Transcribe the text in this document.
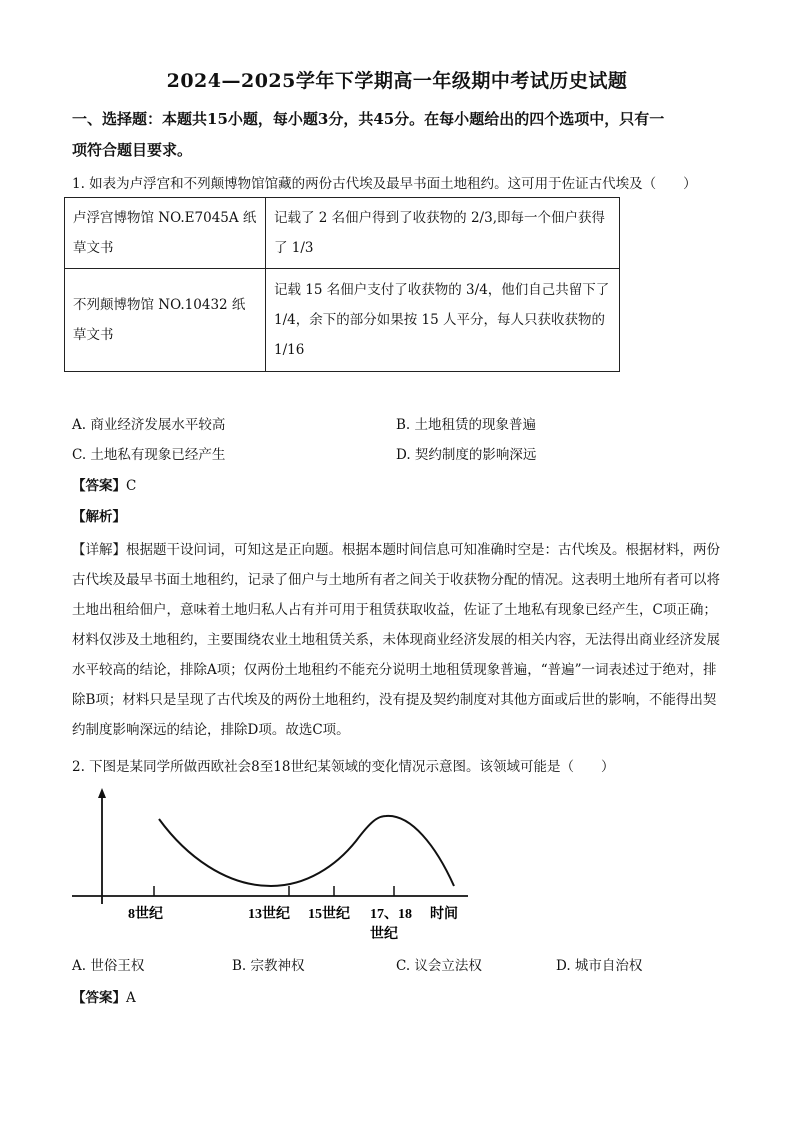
2024—2025学年下学期高一年级期中考试历史试题
一、选择题：本题共15小题，每小题3分，共45分。在每小题给出的四个选项中，只有一
项符合题目要求。
1. 如表为卢浮宫和不列颠博物馆馆藏的两份古代埃及最早书面土地租约。这可用于佐证古代埃及（　　）
卢浮宫博物馆 NO.E7045A 纸草文书	记载了 2 名佃户得到了收获物的 2/3,即每一个佃户获得了 1/3
不列颠博物馆 NO.10432 纸草文书	记载 15 名佃户支付了收获物的 3/4，他们自己共留下了 1/4，余下的部分如果按 15 人平分，每人只获收获物的 1/16
A. 商业经济发展水平较高	B. 土地租赁的现象普遍
C. 土地私有现象已经产生	D. 契约制度的影响深远
【答案】C
【解析】
【详解】根据题干设问词，可知这是正向题。根据本题时间信息可知准确时空是：古代埃及。根据材料，两份古代埃及最早书面土地租约，记录了佃户与土地所有者之间关于收获物分配的情况。这表明土地所有者可以将土地出租给佃户，意味着土地归私人占有并可用于租赁获取收益，佐证了土地私有现象已经产生，C项正确；材料仅涉及土地租约，主要围绕农业土地租赁关系，未体现商业经济发展的相关内容，无法得出商业经济发展水平较高的结论，排除A项；仅两份土地租约不能充分说明土地租赁现象普遍，“普遍”一词表述过于绝对，排除B项；材料只是呈现了古代埃及的两份土地租约，没有提及契约制度对其他方面或后世的影响，不能得出契约制度影响深远的结论，排除D项。故选C项。
2. 下图是某同学所做西欧社会8至18世纪某领域的变化情况示意图。该领域可能是（　　）
8世纪	13世纪 15世纪 17、18 时间
世纪
A. 世俗王权	B. 宗教神权	C. 议会立法权	D. 城市自治权
【答案】A
